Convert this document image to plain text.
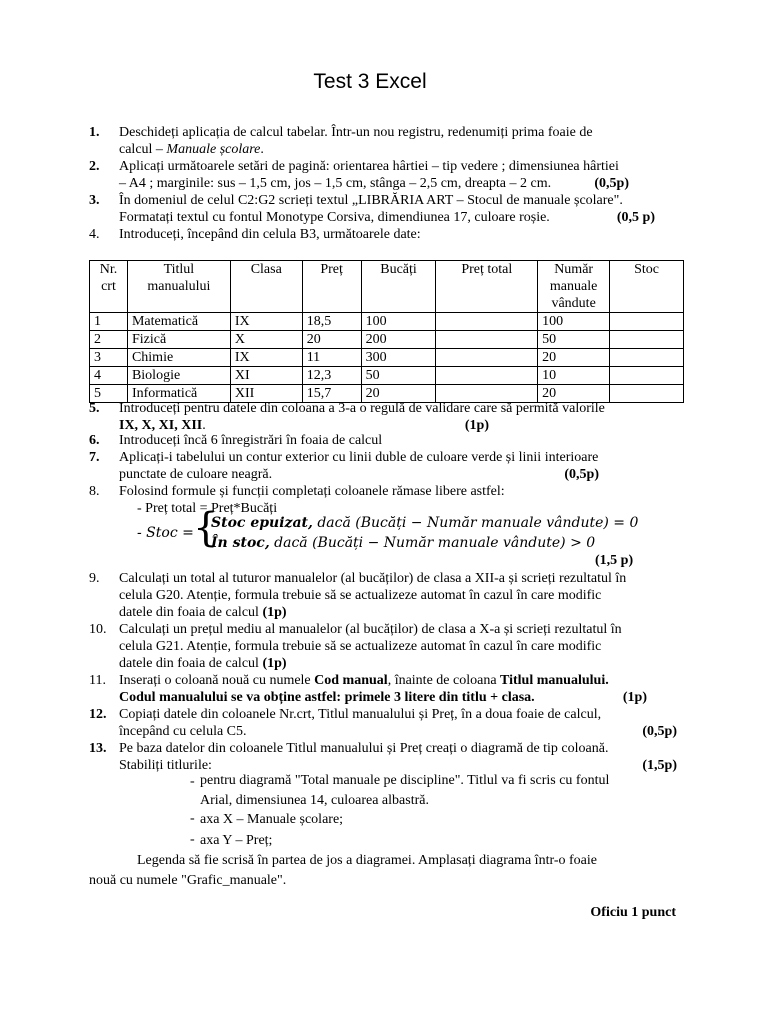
Test 3 Excel
1.	Deschideți aplicația de calcul tabelar. Într-un nou registru, redenumiți prima foaie de
calcul – Manuale școlare.
2.	Aplicați următoarele setări de pagină: orientarea hârtiei – tip vedere ; dimensiunea hârtiei
– A4 ; marginile: sus – 1,5 cm, jos – 1,5 cm, stânga – 2,5 cm, dreapta – 2 cm.	(0,5p)
3.	În domeniul de celul C2:G2 scrieți textul „LIBRĂRIA ART – Stocul de manuale școlare".
Formatați textul cu fontul Monotype Corsiva, dimendiunea 17, culoare roșie.	(0,5 p)
4.	Introduceți, începând din celula B3, următoarele date:
Nr. crt	Titlul manualului	Clasa	Preț	Bucăți	Preț total	Număr manuale vândute	Stoc
1	Matematică	IX	18,5	100		100	
2	Fizică	X	20	200		50	
3	Chimie	IX	11	300		20	
4	Biologie	XI	12,3	50		10	
5	Informatică	XII	15,7	20		20	
5.	Introduceți pentru datele din coloana a 3-a o regulă de validare care să permită valorile
IX, X, XI, XII.	(1p)
6.	Introduceți încă 6 înregistrări în foaia de calcul
7.	Aplicați-i tabelului un contur exterior cu linii duble de culoare verde și linii interioare
punctate de culoare neagră.	(0,5p)
8.	Folosind formule și funcții completați coloanele rămase libere astfel:
- Preț total = Preț*Bucăți
- Stoc = {
Stoc epuizat, dacă (Bucăți − Număr manuale vândute) = 0
În stoc, dacă (Bucăți − Număr manuale vândute) > 0
(1,5 p)
9.	Calculați un total al tuturor manualelor (al bucăților) de clasa a XII-a și scrieți rezultatul în
celula G20. Atenție, formula trebuie să se actualizeze automat în cazul în care modific
datele din foaia de calcul (1p)
10. Calculați un prețul mediu al manualelor (al bucăților) de clasa a X-a și scrieți rezultatul în
celula G21. Atenție, formula trebuie să se actualizeze automat în cazul în care modific
datele din foaia de calcul (1p)
11. Inserați o coloană nouă cu numele Cod manual, înainte de coloana Titlul manualului.
Codul manualului se va obține astfel: primele 3 litere din titlu + clasa.	(1p)
12. Copiați datele din coloanele Nr.crt, Titlul manualului și Preț, în a doua foaie de calcul,
începând cu celula C5.	(0,5p)
13. Pe baza datelor din coloanele Titlul manualului și Preț creați o diagramă de tip coloană.
Stabiliți titlurile:	(1,5p)
- pentru diagramă "Total manuale pe discipline". Titlul va fi scris cu fontul
Arial, dimensiunea 14, culoarea albastră.
- axa X – Manuale școlare;
- axa Y – Preț;
Legenda să fie scrisă în partea de jos a diagramei. Amplasați diagrama într-o foaie
nouă cu numele "Grafic_manuale".
Oficiu 1 punct
